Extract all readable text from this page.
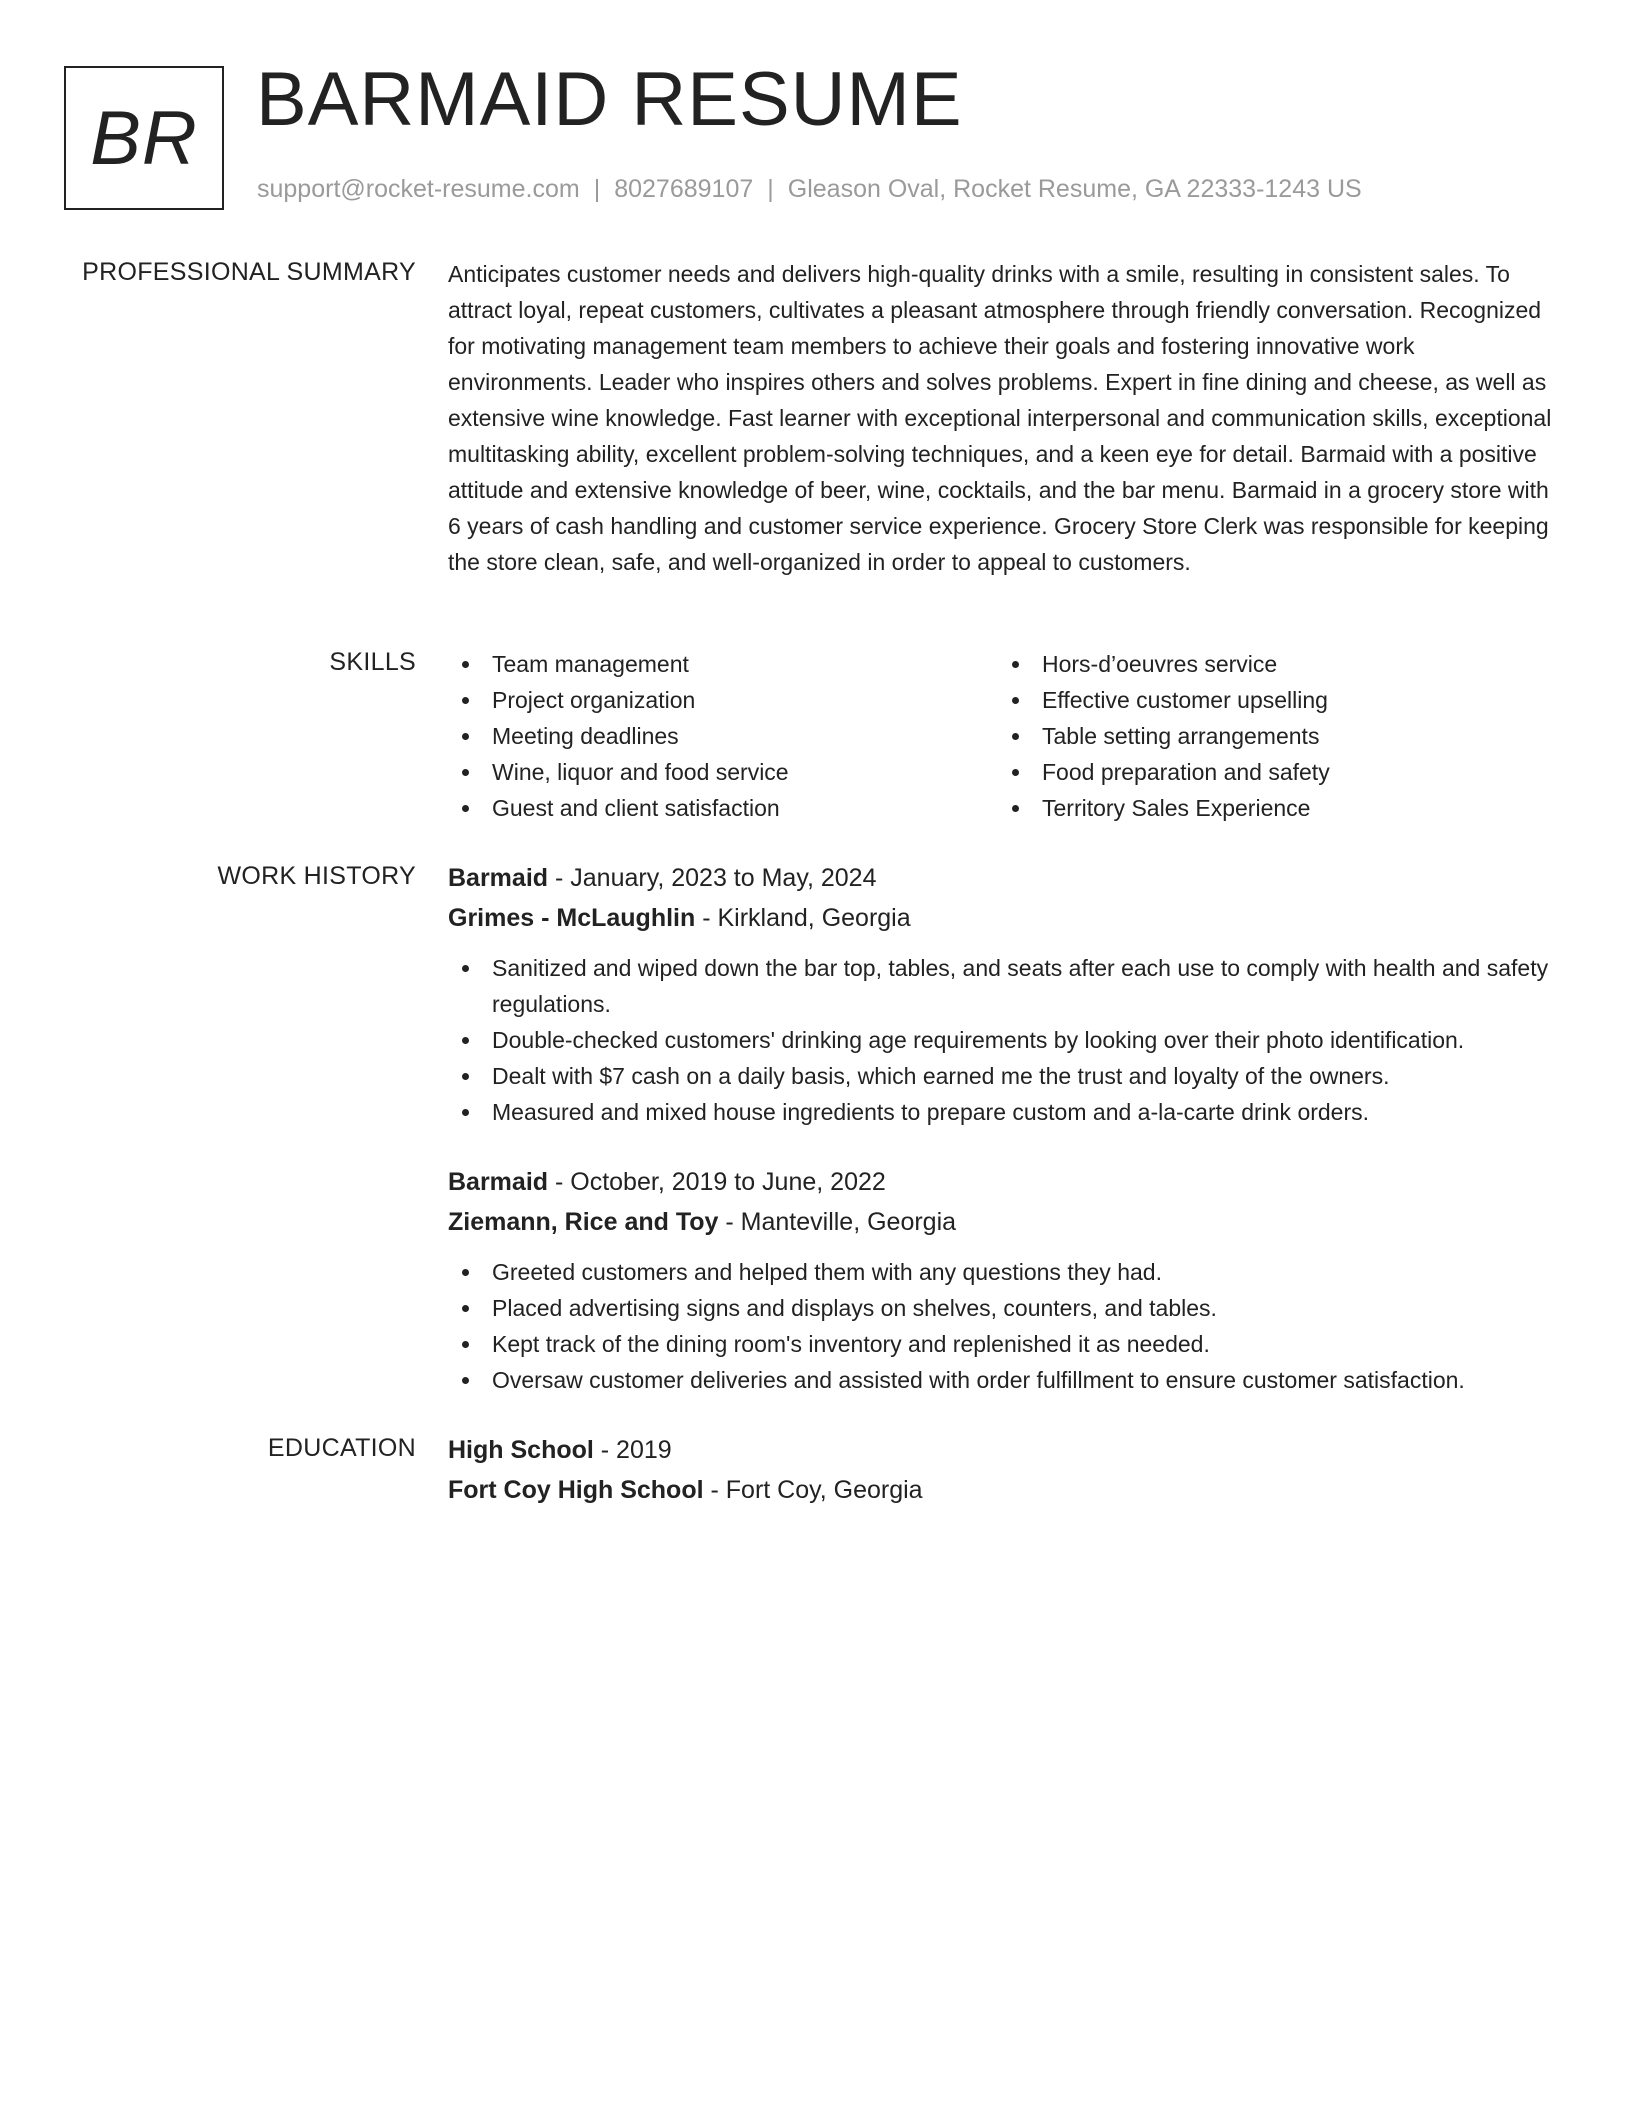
BR BARMAID RESUME
support@rocket-resume.com | 8027689107 | Gleason Oval, Rocket Resume, GA 22333-1243 US
PROFESSIONAL SUMMARY Anticipates customer needs and delivers high-quality drinks with a smile, resulting in consistent sales. To attract loyal, repeat customers, cultivates a pleasant atmosphere through friendly conversation. Recognized for motivating management team members to achieve their goals and fostering innovative work environments. Leader who inspires others and solves problems. Expert in fine dining and cheese, as well as extensive wine knowledge. Fast learner with exceptional interpersonal and communication skills, exceptional multitasking ability, excellent problem-solving techniques, and a keen eye for detail. Barmaid with a positive attitude and extensive knowledge of beer, wine, cocktails, and the bar menu. Barmaid in a grocery store with 6 years of cash handling and customer service experience. Grocery Store Clerk was responsible for keeping the store clean, safe, and well-organized in order to appeal to customers.

SKILLS	Team management
Project organization
Meeting deadlines
Wine, liquor and food service
Guest and client satisfaction
Hors-d’oeuvres service
Effective customer upselling
Table setting arrangements
Food preparation and safety
Territory Sales Experience
WORK HISTORY Barmaid - January, 2023 to May, 2024
Grimes - McLaughlin - Kirkland, Georgia
Sanitized and wiped down the bar top, tables, and seats after each use to comply with health and safety regulations.
Double-checked customers' drinking age requirements by looking over their photo identification.
Dealt with $7 cash on a daily basis, which earned me the trust and loyalty of the owners.
Measured and mixed house ingredients to prepare custom and a-la-carte drink orders.
Barmaid - October, 2019 to June, 2022
Ziemann, Rice and Toy - Manteville, Georgia
Greeted customers and helped them with any questions they had.
Placed advertising signs and displays on shelves, counters, and tables.
Kept track of the dining room's inventory and replenished it as needed.
Oversaw customer deliveries and assisted with order fulfillment to ensure customer satisfaction.
EDUCATION High School - 2019
Fort Coy High School - Fort Coy, Georgia
